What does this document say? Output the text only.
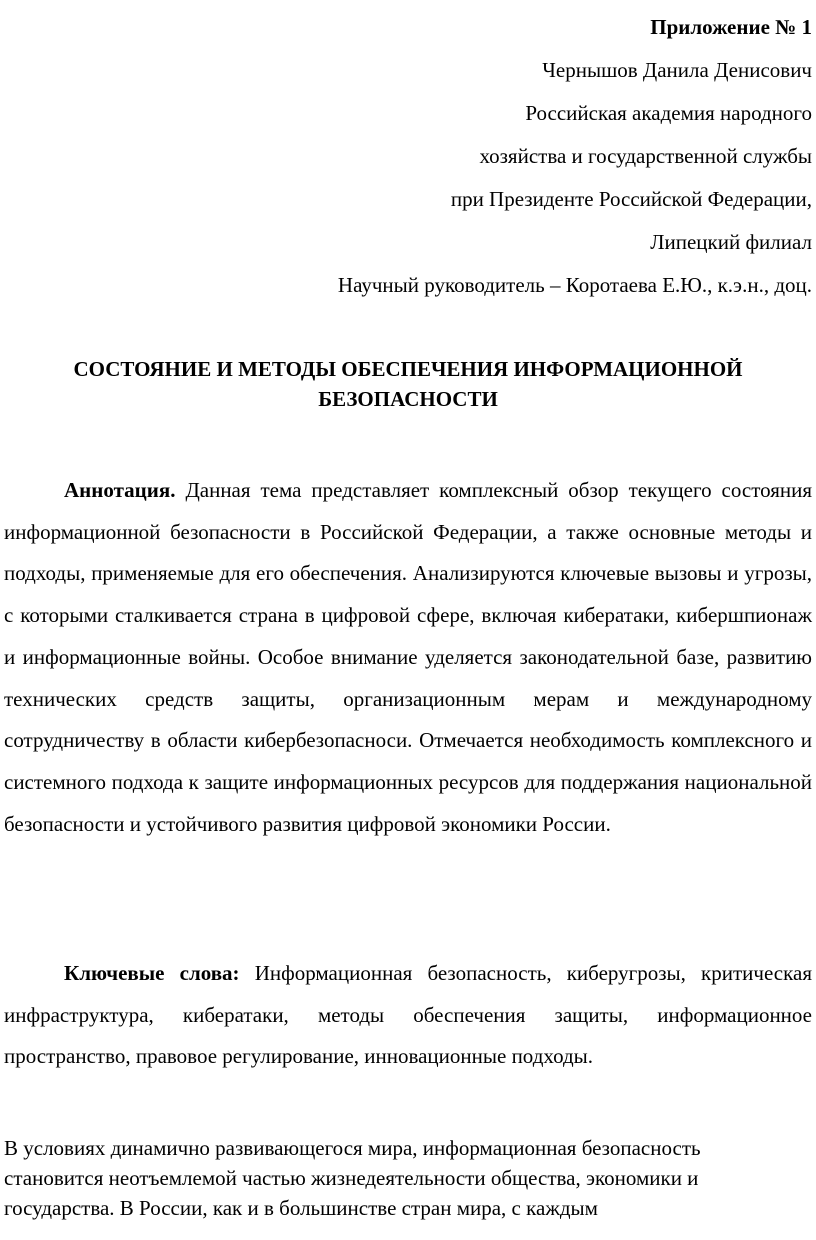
Приложение № 1
Чернышов Данила Денисович
Российская академия народного
хозяйства и государственной службы
при Президенте Российской Федерации,
Липецкий филиал
Научный руководитель – Коротаева Е.Ю., к.э.н., доц.
СОСТОЯНИЕ И МЕТОДЫ ОБЕСПЕЧЕНИЯ ИНФОРМАЦИОННОЙ
БЕЗОПАСНОСТИ

Аннотация. Данная тема представляет комплексный обзор текущего состояния информационной безопасности в Российской Федерации, а также основные методы и подходы, применяемые для его обеспечения. Анализируются ключевые вызовы и угрозы, с которыми сталкивается страна в цифровой сфере, включая кибератаки, кибершпионаж и информационные войны. Особое внимание уделяется законодательной базе, развитию технических средств защиты, организационным мерам и международному сотрудничеству в области кибербезопасноси. Отмечается необходимость комплексного и системного подхода к защите информационных ресурсов для поддержания национальной безопасности и устойчивого развития цифровой экономики России.

Ключевые слова: Информационная безопасность, киберугрозы, критическая инфраструктура, кибератаки, методы обеспечения защиты, информационное пространство, правовое регулирование, инновационные подходы.

В условиях динамично развивающегося мира, информационная безопасность
становится неотъемлемой частью жизнедеятельности общества, экономики и
государства. В России, как и в большинстве стран мира, с каждым
